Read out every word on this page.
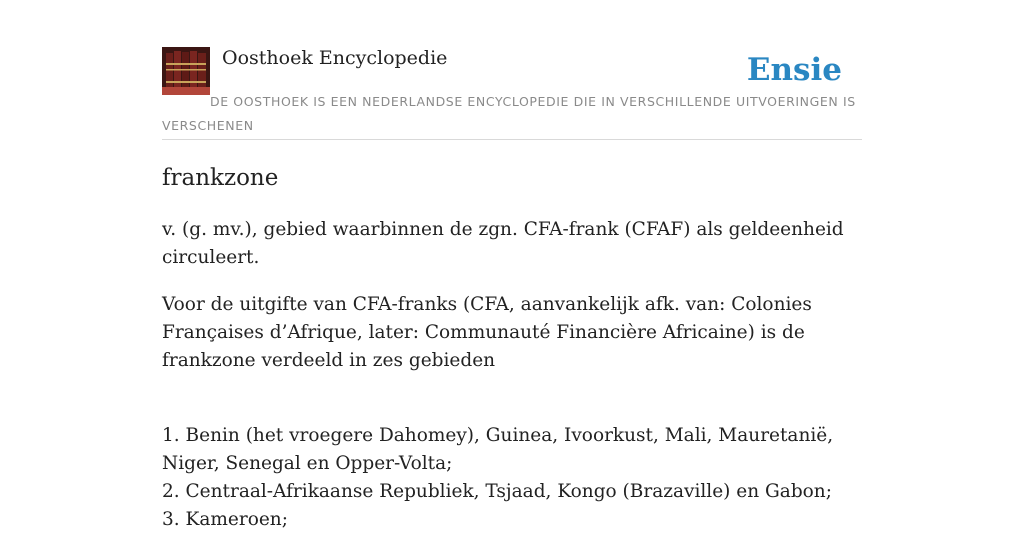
Oosthoek Encyclopedie	Ensie
DE OOSTHOEK IS EEN NEDERLANDSE ENCYCLOPEDIE DIE IN VERSCHILLENDE UITVOERINGEN IS VERSCHENEN
frankzone

v. (g. mv.), gebied waarbinnen de zgn. CFA-frank (CFAF) als geldeenheid circuleert.

Voor de uitgifte van CFA-franks (CFA, aanvankelijk afk. van: Colonies Françaises d’Afrique, later: Communauté Financière Africaine) is de frankzone verdeeld in zes gebieden

1. Benin (het vroegere Dahomey), Guinea, Ivoorkust, Mali, Mauretanië, Niger, Senegal en Opper-Volta;
2. Centraal-Afrikaanse Republiek, Tsjaad, Kongo (Brazaville) en Gabon;
3. Kameroen;
